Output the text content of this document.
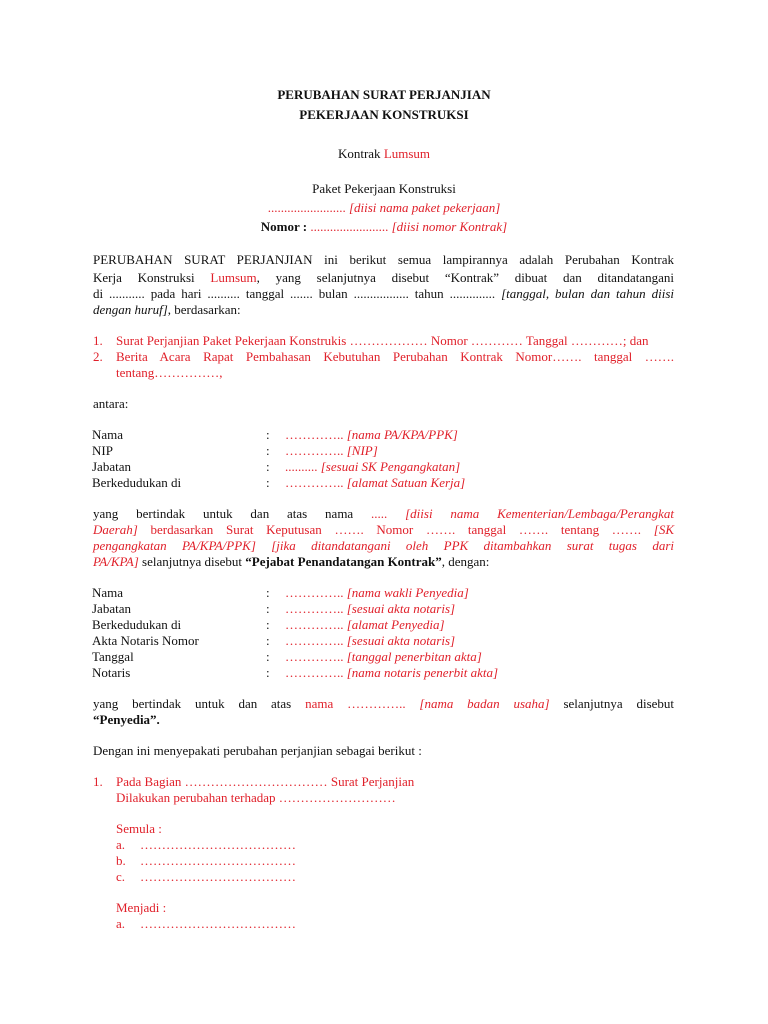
PERUBAHAN SURAT PERJANJIAN
PEKERJAAN KONSTRUKSI
Kontrak Lumsum
Paket Pekerjaan Konstruksi
........................ [diisi nama paket pekerjaan]
Nomor : ........................ [diisi nomor Kontrak]
PERUBAHAN SURAT PERJANJIAN ini berikut semua lampirannya adalah Perubahan Kontrak
Kerja Konstruksi Lumsum, yang selanjutnya disebut “Kontrak” dibuat dan ditandatangani
di ........... pada hari .......... tanggal ....... bulan ................. tahun .............. [tanggal, bulan dan tahun diisi
dengan huruf], berdasarkan:
1.	Surat Perjanjian Paket Pekerjaan Konstrukis ……………… Nomor ………… Tanggal …………; dan
2.	Berita Acara Rapat Pembahasan Kebutuhan Perubahan Kontrak Nomor……. tanggal …….
tentang……………,
antara:
Nama	: ………….. [nama PA/KPA/PPK]
NIP	: ………….. [NIP]
Jabatan	: .......... [sesuai SK Pengangkatan]
Berkedudukan di	: ………….. [alamat Satuan Kerja]
yang bertindak untuk dan atas nama ..... [diisi nama Kementerian/Lembaga/Perangkat
Daerah] berdasarkan Surat Keputusan ……. Nomor ……. tanggal ……. tentang ……. [SK
pengangkatan PA/KPA/PPK] [jika ditandatangani oleh PPK ditambahkan surat tugas dari
PA/KPA] selanjutnya disebut “Pejabat Penandatangan Kontrak”, dengan:
Nama	: ………….. [nama wakli Penyedia]
Jabatan	: ………….. [sesuai akta notaris]
Berkedudukan di	: ………….. [alamat Penyedia]
Akta Notaris Nomor	: ………….. [sesuai akta notaris]
Tanggal	: ………….. [tanggal penerbitan akta]
Notaris	: ………….. [nama notaris penerbit akta]
yang bertindak untuk dan atas nama ………….. [nama badan usaha] selanjutnya disebut
“Penyedia”.
Dengan ini menyepakati perubahan perjanjian sebagai berikut :
1.	Pada Bagian …………………………… Surat Perjanjian
Dilakukan perubahan terhadap ………………………
Semula :
a. ………………………………
b. ………………………………
c. ………………………………
Menjadi :
a. ………………………………
